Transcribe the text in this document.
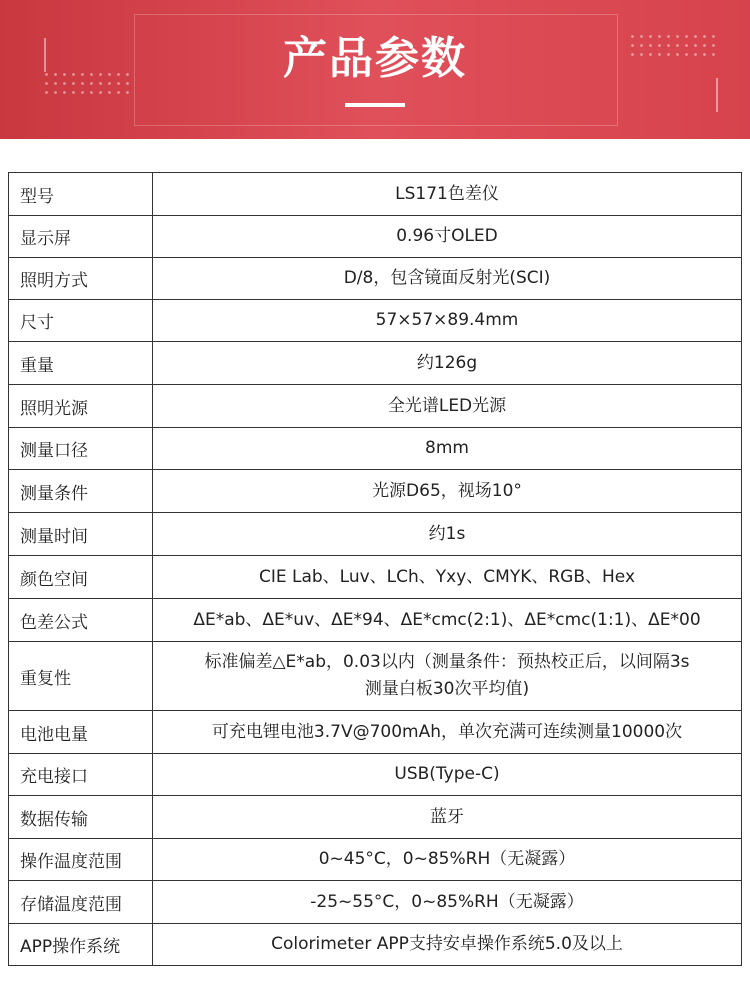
产品参数
型号	LS171色差仪
显示屏	0.96寸OLED
照明方式	D/8，包含镜面反射光(SCI)
尺寸	57×57×89.4mm
重量	约126g
照明光源	全光谱LED光源
测量口径	8mm
测量条件	光源D65，视场10°
测量时间	约1s
颜色空间	CIE Lab、Luv、LCh、Yxy、CMYK、RGB、Hex
色差公式	ΔE*ab、ΔE*uv、ΔE*94、ΔE*cmc(2:1)、ΔE*cmc(1:1)、ΔE*00
重复性	标准偏差△E*ab，0.03以内（测量条件：预热校正后，以间隔3s
测量白板30次平均值)

电池电量	可充电锂电池3.7V@700mAh，单次充满可连续测量10000次
充电接口	USB(Type-C)
数据传输	蓝牙
操作温度范围	0~45°C，0~85%RH（无凝露）
存储温度范围	-25~55°C，0~85%RH（无凝露）
APP操作系统	Colorimeter APP支持安卓操作系统5.0及以上
